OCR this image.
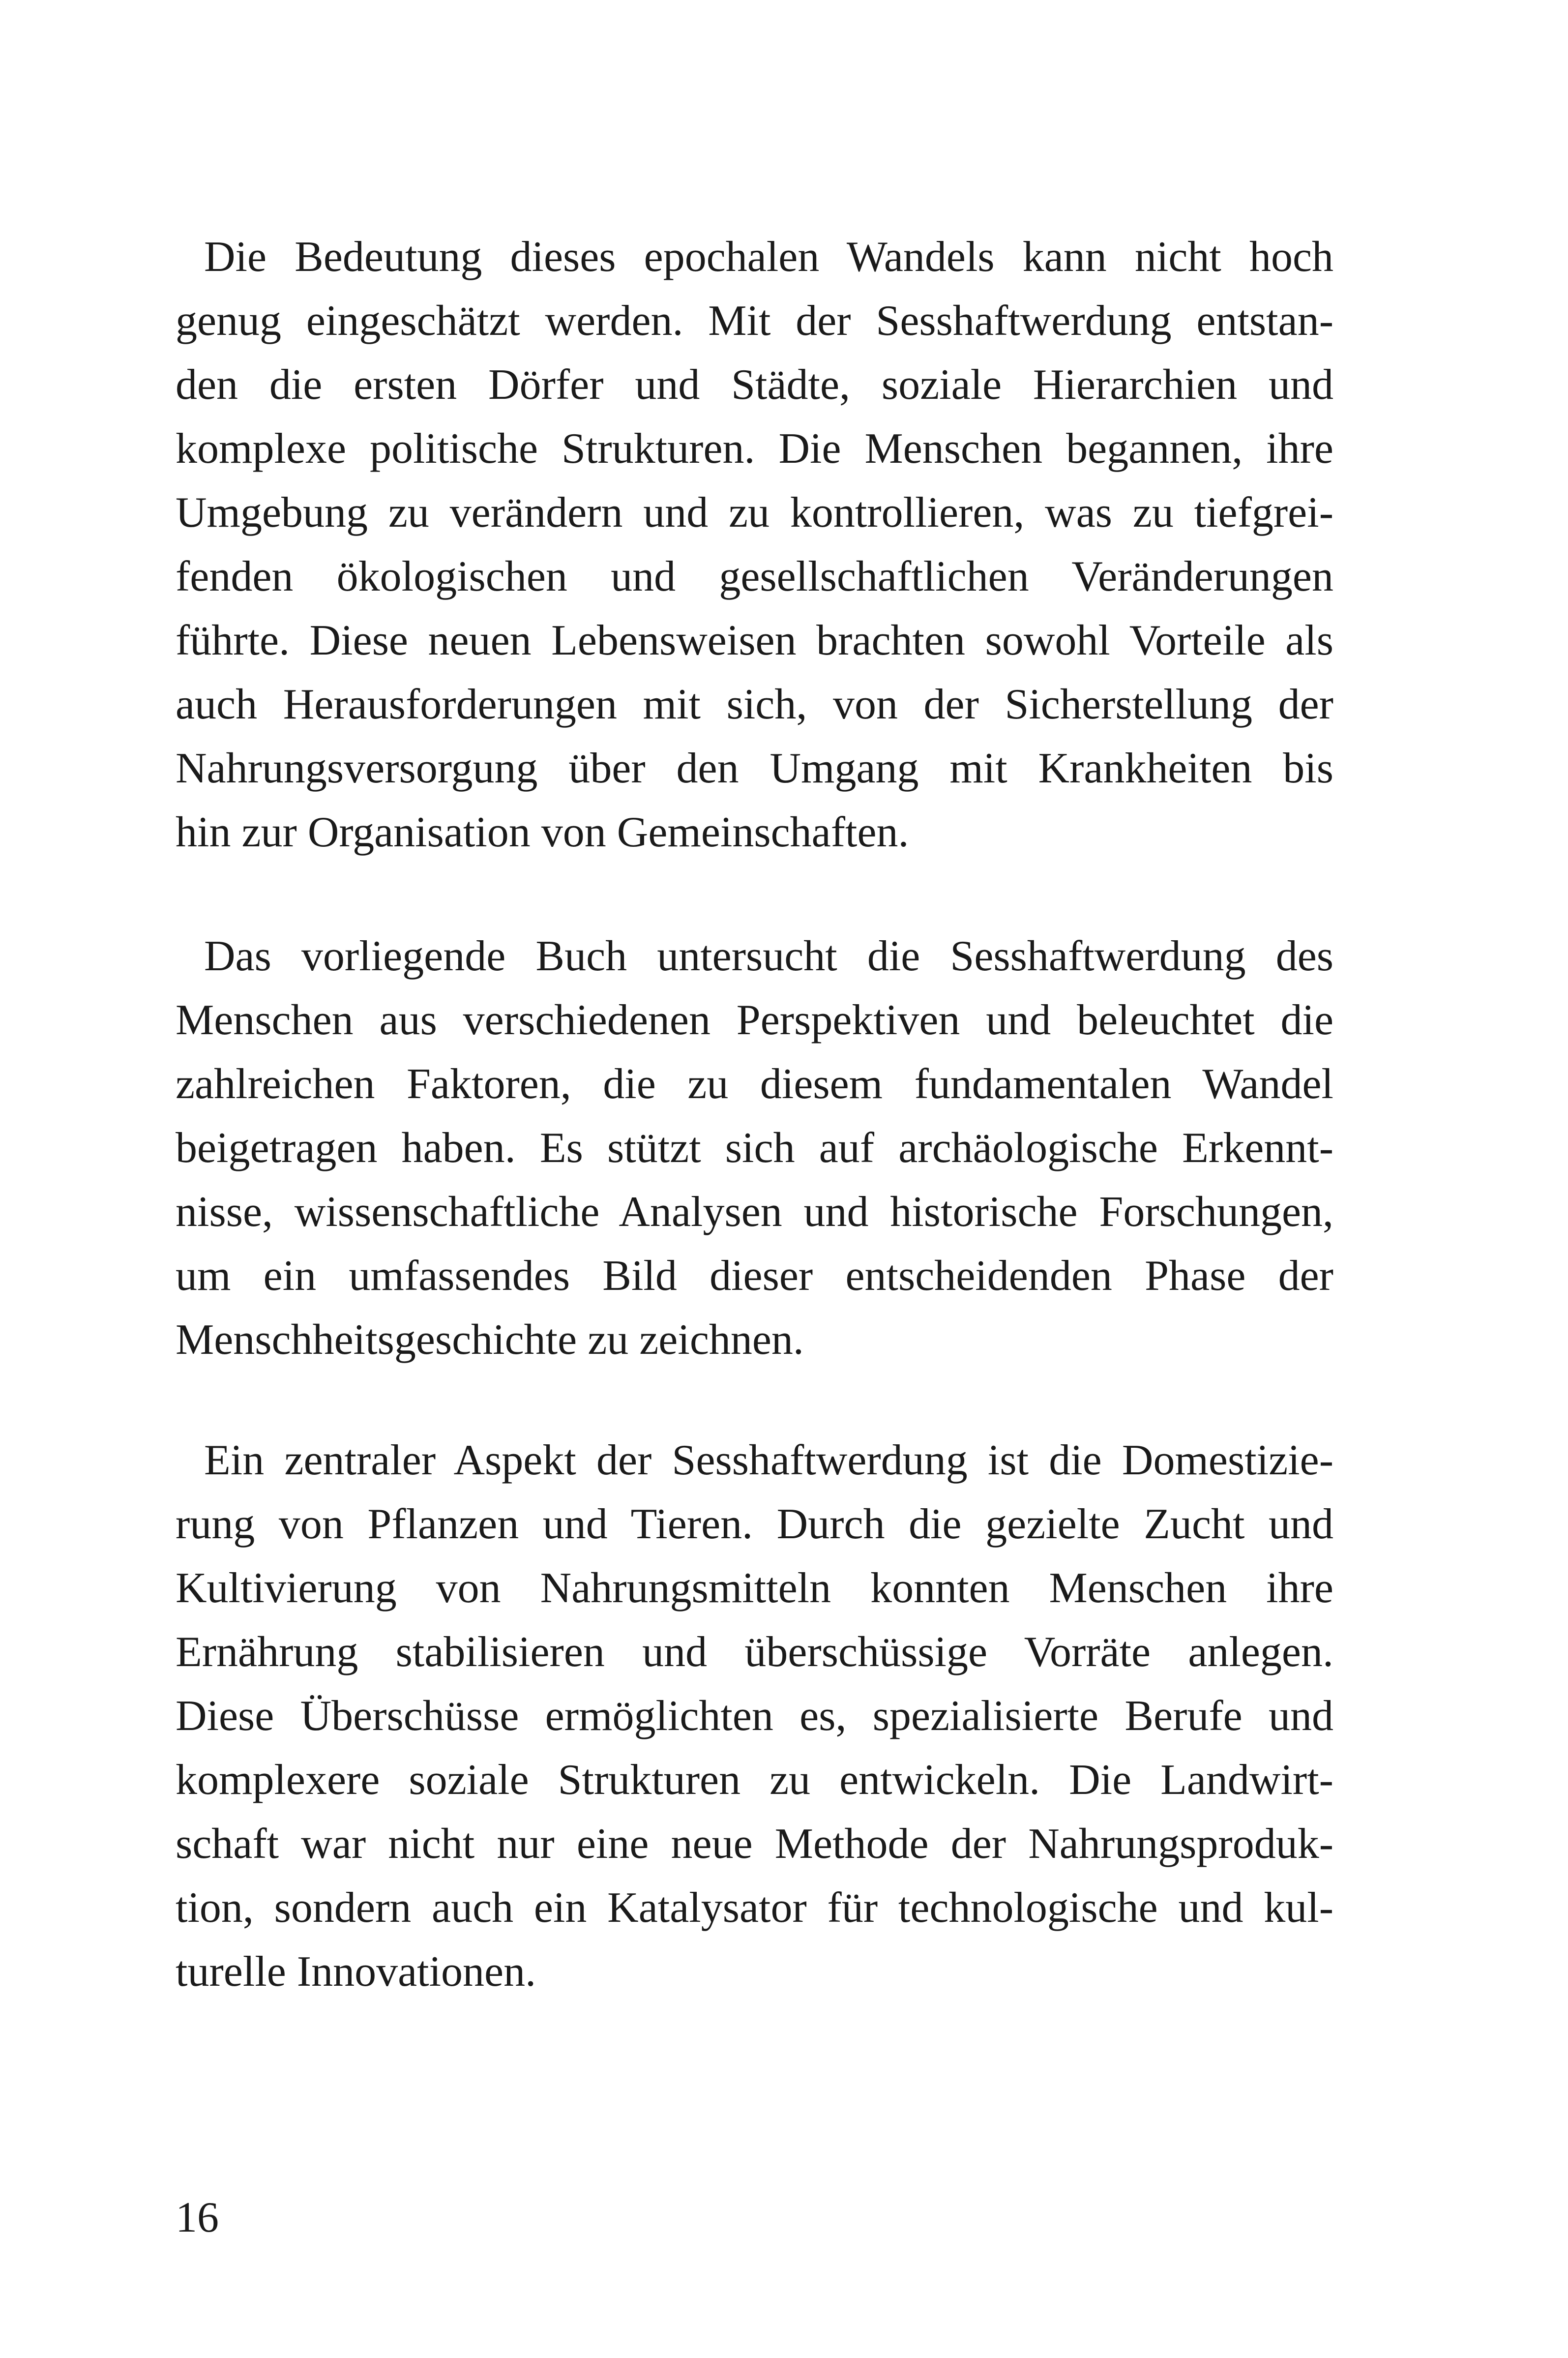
Die Bedeutung dieses epochalen Wandels kann nicht hoch
genug eingeschätzt werden. Mit der Sesshaftwerdung entstan-
den die ersten Dörfer und Städte, soziale Hierarchien und
komplexe politische Strukturen. Die Menschen begannen, ihre
Umgebung zu verändern und zu kontrollieren, was zu tiefgrei-
fenden ökologischen und gesellschaftlichen Veränderungen
führte. Diese neuen Lebensweisen brachten sowohl Vorteile als
auch Herausforderungen mit sich, von der Sicherstellung der
Nahrungsversorgung über den Umgang mit Krankheiten bis
hin zur Organisation von Gemeinschaften.
Das vorliegende Buch untersucht die Sesshaftwerdung des
Menschen aus verschiedenen Perspektiven und beleuchtet die
zahlreichen Faktoren, die zu diesem fundamentalen Wandel
beigetragen haben. Es stützt sich auf archäologische Erkennt-
nisse, wissenschaftliche Analysen und historische Forschungen,
um ein umfassendes Bild dieser entscheidenden Phase der
Menschheitsgeschichte zu zeichnen.
Ein zentraler Aspekt der Sesshaftwerdung ist die Domestizie-
rung von Pflanzen und Tieren. Durch die gezielte Zucht und
Kultivierung von Nahrungsmitteln konnten Menschen ihre
Ernährung stabilisieren und überschüssige Vorräte anlegen.
Diese Überschüsse ermöglichten es, spezialisierte Berufe und
komplexere soziale Strukturen zu entwickeln. Die Landwirt-
schaft war nicht nur eine neue Methode der Nahrungsproduk-
tion, sondern auch ein Katalysator für technologische und kul-
turelle Innovationen.
16
